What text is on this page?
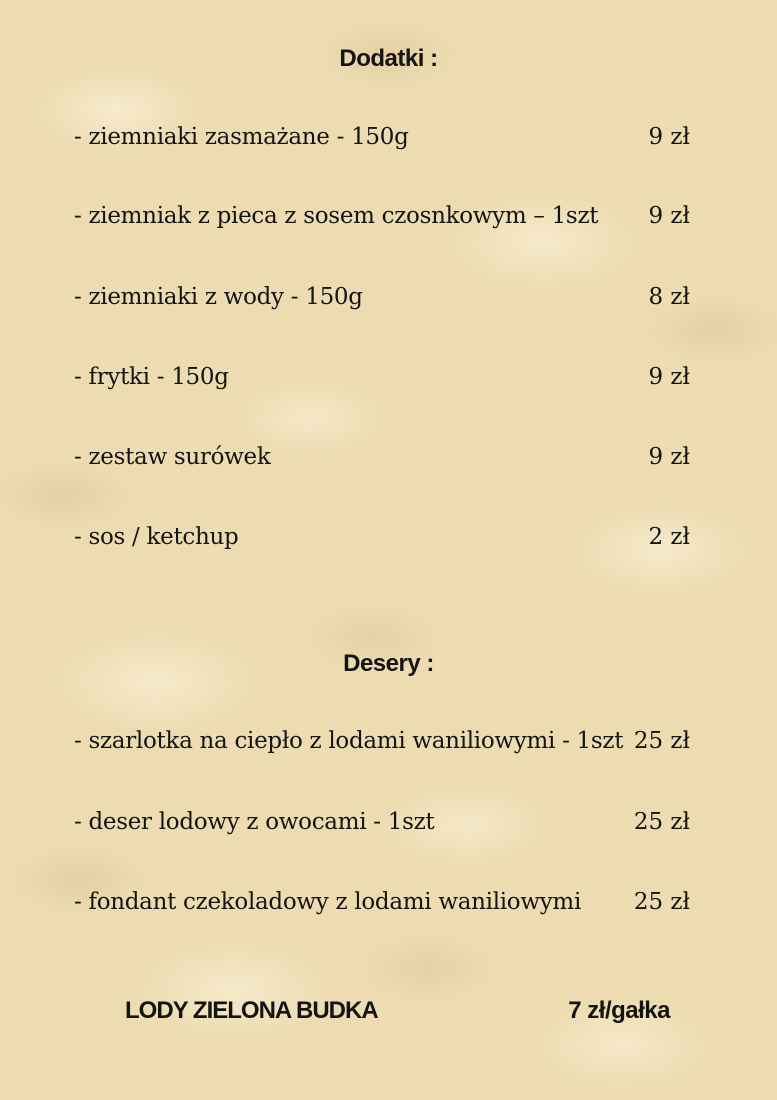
Dodatki :
- ziemniaki zasmażane - 150g	9 zł
- ziemniak z pieca z sosem czosnkowym – 1szt	9 zł
- ziemniaki z wody - 150g	8 zł
- frytki - 150g	9 zł
- zestaw surówek	9 zł
- sos / ketchup	2 zł
Desery :
- szarlotka na ciepło z lodami waniliowymi - 1szt 25 zł
- deser lodowy z owocami - 1szt	25 zł
- fondant czekoladowy z lodami waniliowymi	25 zł
LODY ZIELONA BUDKA	7 zł/gałka
